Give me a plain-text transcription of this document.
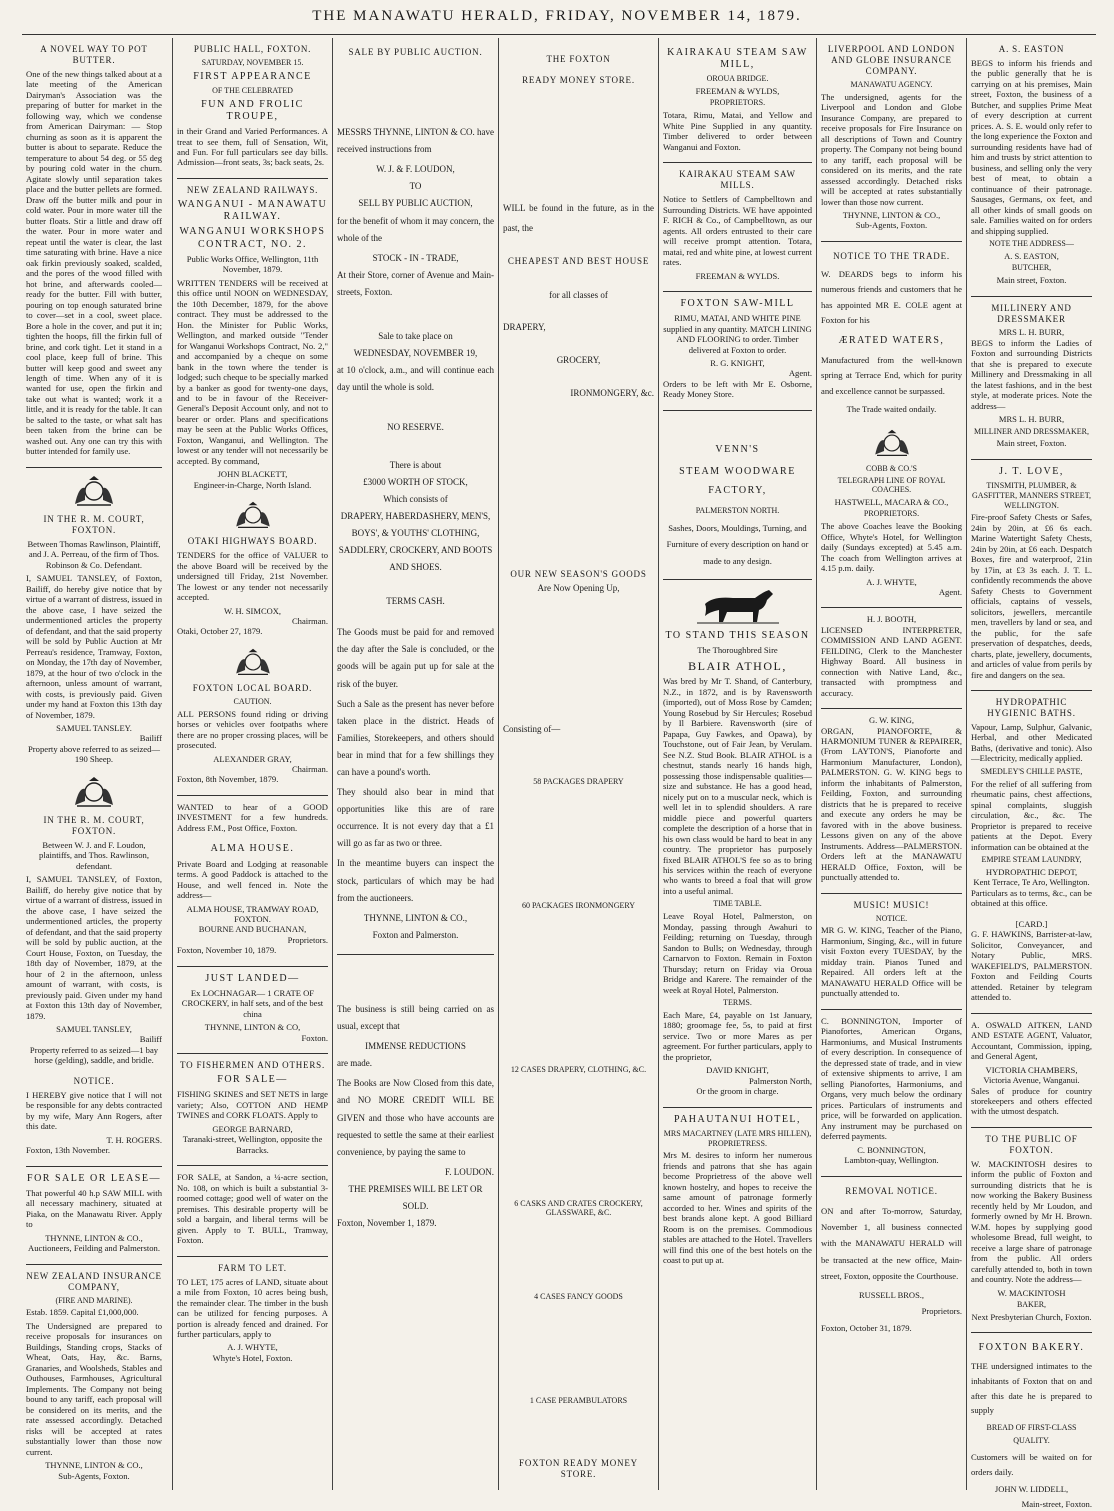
THE MANAWATU HERALD, FRIDAY, NOVEMBER 14, 1879.
A NOVEL WAY TO POT BUTTER.

One of the new things talked about at a late meeting of the American Dairyman's Association was the preparing of butter for market in the following way, which we condense from American Dairyman: — Stop churning as soon as it is apparent the butter is about to separate. Reduce the temperature to about 54 deg. or 55 deg by pouring cold water in the churn. Agitate slowly until separation takes place and the butter pellets are formed. Draw off the butter milk and pour in cold water. Pour in more water till the butter floats. Stir a little and draw off the water. Pour in more water and repeat until the water is clear, the last time saturating with brine. Have a nice oak firkin previously soaked, scalded, and the pores of the wood filled with hot brine, and afterwards cooled—ready for the butter. Fill with butter, pouring on top enough saturated brine to cover—set in a cool, sweet place. Bore a hole in the cover, and put it in; tighten the hoops, fill the firkin full of brine, and cork tight. Let it stand in a cool place, keep full of brine. This butter will keep good and sweet any length of time. When any of it is wanted for use, open the firkin and take out what is wanted; work it a little, and it is ready for the table. It can be salted to the taste, or what salt has been taken from the brine can be washed out. Any one can try this with butter intended for family use.

IN THE R. M. COURT, FOXTON.

Between Thomas Rawlinson, Plaintiff, and J. A. Perreau, of the firm of Thos. Robinson & Co. Defendant.

I, SAMUEL TANSLEY, of Foxton, Bailiff, do hereby give notice that by virtue of a warrant of distress, issued in the above case, I have seized the undermentioned articles the property of defendant, and that the said property will be sold by Public Auction at Mr Perreau's residence, Tramway, Foxton, on Monday, the 17th day of November, 1879, at the hour of two o'clock in the afternoon, unless amount of warrant, with costs, is previously paid. Given under my hand at Foxton this 13th day of November, 1879.

SAMUEL TANSLEY.
Bailiff

Property above referred to as seized—190 Sheep.

IN THE R. M. COURT, FOXTON.

Between W. J. and F. Loudon, plaintiffs, and Thos. Rawlinson, defendant.

I, SAMUEL TANSLEY, of Foxton, Bailiff, do hereby give notice that by virtue of a warrant of distress, issued in the above case, I have seized the undermentioned articles, the property of defendant, and that the said property will be sold by public auction, at the Court House, Foxton, on Tuesday, the 18th day of November, 1879, at the hour of 2 in the afternoon, unless amount of warrant, with costs, is previously paid. Given under my hand at Foxton this 13th day of November, 1879.

SAMUEL TANSLEY,
Bailiff

Property referred to as seized—1 bay horse (gelding), saddle, and bridle.

NOTICE.

I HEREBY give notice that I will not be responsible for any debts contracted by my wife, Mary Ann Rogers, after this date.

T. H. ROGERS.
Foxton, 13th November.
FOR SALE OR LEASE—

That powerful 40 h.p SAW MILL with all necessary machinery, situated at Piaka, on the Manawatu River. Apply to

THYNNE, LINTON & CO.,
Auctioneers, Feilding and Palmerston.
NEW ZEALAND INSURANCE COMPANY,
(FIRE AND MARINE).

Estab. 1859. Capital £1,000,000.

The Undersigned are prepared to receive proposals for insurances on Buildings, Standing crops, Stacks of Wheat, Oats, Hay, &c. Barns, Granaries, and Woolsheds, Stables and Outhouses, Farmhouses, Agricultural Implements. The Company not being bound to any tariff, each proposal will be considered on its merits, and the rate assessed accordingly. Detached risks will be accepted at rates substantially lower than those now current.

THYNNE, LINTON & CO.,
Sub-Agents, Foxton.
PUBLIC HALL, FOXTON.
SATURDAY, NOVEMBER 15.
FIRST APPEARANCE
OF THE CELEBRATED
FUN AND FROLIC TROUPE,

in their Grand and Varied Performances. A treat to see them, full of Sensation, Wit, and Fun. For full particulars see day bills. Admission—front seats, 3s; back seats, 2s.

NEW ZEALAND RAILWAYS.
WANGANUI - MANAWATU RAILWAY.
WANGANUI WORKSHOPS CONTRACT, NO. 2.

Public Works Office, Wellington, 11th November, 1879.

WRITTEN TENDERS will be received at this office until NOON on WEDNESDAY, the 10th December, 1879, for the above contract. They must be addressed to the Hon. the Minister for Public Works, Wellington, and marked outside "Tender for Wanganui Workshops Contract, No. 2," and accompanied by a cheque on some bank in the town where the tender is lodged; such cheque to be specially marked by a banker as good for twenty-one days, and to be in favour of the Receiver-General's Deposit Account only, and not to bearer or order. Plans and specifications may be seen at the Public Works Offices, Foxton, Wanganui, and Wellington. The lowest or any tender will not necessarily be accepted. By command,

JOHN BLACKETT,
Engineer-in-Charge, North Island.
OTAKI HIGHWAYS BOARD.

TENDERS for the office of VALUER to the above Board will be received by the undersigned till Friday, 21st November. The lowest or any tender not necessarily accepted.

W. H. SIMCOX,
Chairman.
Otaki, October 27, 1879.
FOXTON LOCAL BOARD.
CAUTION.

ALL PERSONS found riding or driving horses or vehicles over footpaths where there are no proper crossing places, will be prosecuted.

ALEXANDER GRAY,
Chairman.
Foxton, 8th November, 1879.

WANTED to hear of a GOOD INVESTMENT for a few hundreds. Address F.M., Post Office, Foxton.

ALMA HOUSE.

Private Board and Lodging at reasonable terms. A good Paddock is attached to the House, and well fenced in. Note the address—

ALMA HOUSE, TRAMWAY ROAD, FOXTON.
BOURNE AND BUCHANAN,
Proprietors.
Foxton, November 10, 1879.
JUST LANDED—

Ex LOCHNAGAR— 1 CRATE OF CROCKERY, in half sets, and of the best china

THYNNE, LINTON & CO,
Foxton.
TO FISHERMEN AND OTHERS.
FOR SALE—

FISHING SKINES and SET NETS in large variety; Also, COTTON AND HEMP TWINES and CORK FLOATS. Apply to

GEORGE BARNARD,
Taranaki-street, Wellington, opposite the Barracks.

FOR SALE, at Sandon, a ¼-acre section, No. 108, on which is built a substantial 3-roomed cottage; good well of water on the premises. This desirable property will be sold a bargain, and liberal terms will be given. Apply to T. BULL, Tramway, Foxton.

FARM TO LET.

TO LET, 175 acres of LAND, situate about a mile from Foxton, 10 acres being bush, the remainder clear. The timber in the bush can be utilized for fencing purposes. A portion is already fenced and drained. For further particulars, apply to

A. J. WHYTE,
Whyte's Hotel, Foxton.
SALE BY PUBLIC AUCTION.

MESSRS THYNNE, LINTON & CO. have received instructions from

W. J. & F. LOUDON,
TO
SELL BY PUBLIC AUCTION,

for the benefit of whom it may concern, the whole of the

STOCK - IN - TRADE,

At their Store, corner of Avenue and Main-streets, Foxton.

Sale to take place on
WEDNESDAY, NOVEMBER 19,

at 10 o'clock, a.m., and will continue each day until the whole is sold.

NO RESERVE.
There is about
£3000 WORTH OF STOCK,
Which consists of

DRAPERY, HABERDASHERY, MEN'S, BOYS', & YOUTHS' CLOTHING, SADDLERY, CROCKERY, AND BOOTS AND SHOES.

TERMS CASH.

The Goods must be paid for and removed the day after the Sale is concluded, or the goods will be again put up for sale at the risk of the buyer.

Such a Sale as the present has never before taken place in the district. Heads of Families, Storekeepers, and others should bear in mind that for a few shillings they can have a pound's worth.

They should also bear in mind that opportunities like this are of rare occurrence. It is not every day that a £1 will go as far as two or three.

In the meantime buyers can inspect the stock, particulars of which may be had from the auctioneers.

THYNNE, LINTON & CO.,
Foxton and Palmerston.

The business is still being carried on as usual, except that

IMMENSE REDUCTIONS

are made.

The Books are Now Closed from this date, and NO MORE CREDIT WILL BE GIVEN and those who have accounts are requested to settle the same at their earliest convenience, by paying the same to

F. LOUDON.
THE PREMISES WILL BE LET OR SOLD.
Foxton, November 1, 1879.
THE FOXTON
READY MONEY STORE.

WILL be found in the future, as in the past, the

CHEAPEST AND BEST HOUSE
for all classes of
DRAPERY,
GROCERY,
IRONMONGERY, &c.
OUR NEW SEASON'S GOODS
Are Now Opening Up,
Consisting of—
58 PACKAGES DRAPERY
60 PACKAGES IRONMONGERY
12 CASES DRAPERY, CLOTHING, &C.
6 CASKS AND CRATES CROCKERY, GLASSWARE, &C.
4 CASES FANCY GOODS
1 CASE PERAMBULATORS
FOXTON READY MONEY STORE.
KAIRAKAU STEAM SAW MILL,
OROUA BRIDGE.
FREEMAN & WYLDS,
PROPRIETORS.

Totara, Rimu, Matai, and Yellow and White Pine Supplied in any quantity. Timber delivered to order between Wanganui and Foxton.

KAIRAKAU STEAM SAW MILLS.

Notice to Settlers of Campbelltown and Surrounding Districts. WE have appointed F. RICH & Co., of Campbelltown, as our agents. All orders entrusted to their care will receive prompt attention. Totara, matai, red and white pine, at lowest current rates.

FREEMAN & WYLDS.
FOXTON SAW-MILL

RIMU, MATAI, AND WHITE PINE supplied in any quantity. MATCH LINING AND FLOORING to order. Timber delivered at Foxton to order.

R. G. KNIGHT,
Agent.

Orders to be left with Mr E. Osborne, Ready Money Store.

VENN'S
STEAM WOODWARE FACTORY,
PALMERSTON NORTH.

Sashes, Doors, Mouldings, Turning, and Furniture of every description on hand or made to any design.

TO STAND THIS SEASON
The Thoroughbred Sire
BLAIR ATHOL,

Was bred by Mr T. Shand, of Canterbury, N.Z., in 1872, and is by Ravensworth (imported), out of Moss Rose by Camden; Young Rosebud by Sir Hercules; Rosebud by Il Barbiere. Ravensworth (sire of Papapa, Guy Fawkes, and Opawa), by Touchstone, out of Fair Jean, by Verulam. See N.Z. Stud Book. BLAIR ATHOL is a chestnut, stands nearly 16 hands high, possessing those indispensable qualities—size and substance. He has a good head, nicely put on to a muscular neck, which is well let in to splendid shoulders. A rare middle piece and powerful quarters complete the description of a horse that in his own class would be hard to beat in any country. The proprietor has purposely fixed BLAIR ATHOL'S fee so as to bring his services within the reach of everyone who wants to breed a foal that will grow into a useful animal.

TIME TABLE.

Leave Royal Hotel, Palmerston, on Monday, passing through Awahuri to Feilding; returning on Tuesday, through Sandon to Bulls; on Wednesday, through Carnarvon to Foxton. Remain in Foxton Thursday; return on Friday via Oroua Bridge and Karere. The remainder of the week at Royal Hotel, Palmerston.

TERMS.

Each Mare, £4, payable on 1st January, 1880; groomage fee, 5s, to paid at first service. Two or more Mares as per agreement. For further particulars, apply to the proprietor,

DAVID KNIGHT,
Palmerston North,
Or the groom in charge.
PAHAUTANUI HOTEL,
MRS MACARTNEY (LATE MRS HILLEN), PROPRIETRESS.

Mrs M. desires to inform her numerous friends and patrons that she has again become Proprietress of the above well known hostelry, and hopes to receive the same amount of patronage formerly accorded to her. Wines and spirits of the best brands alone kept. A good Billiard Room is on the premises. Commodious stables are attached to the Hotel. Travellers will find this one of the best hotels on the coast to put up at.

LIVERPOOL AND LONDON AND GLOBE INSURANCE COMPANY.
MANAWATU AGENCY.

The undersigned, agents for the Liverpool and London and Globe Insurance Company, are prepared to receive proposals for Fire Insurance on all descriptions of Town and Country property. The Company not being bound to any tariff, each proposal will be considered on its merits, and the rate assessed accordingly. Detached risks will be accepted at rates substantially lower than those now current.

THYNNE, LINTON & CO.,
Sub-Agents, Foxton.
NOTICE TO THE TRADE.

W. DEARDS begs to inform his numerous friends and customers that he has appointed MR E. COLE agent at Foxton for his

ÆRATED WATERS,

Manufactured from the well-known spring at Terrace End, which for purity and excellence cannot be surpassed.

The Trade waited ondaily.
COBB & CO.'S
TELEGRAPH LINE OF ROYAL COACHES.
HASTWELL, MACARA & CO.,
PROPRIETORS.

The above Coaches leave the Booking Office, Whyte's Hotel, for Wellington daily (Sundays excepted) at 5.45 a.m. The coach from Wellington arrives at 4.15 p.m. daily.

A. J. WHYTE,
Agent.
H. J. BOOTH,

LICENSED INTERPRETER, COMMISSION AND LAND AGENT. FEILDING, Clerk to the Manchester Highway Board. All business in connection with Native Land, &c., transacted with promptness and accuracy.

G. W. KING,

ORGAN, PIANOFORTE, & HARMONIUM TUNER & REPAIRER, (From LAYTON'S, Pianoforte and Harmonium Manufacturer, London), PALMERSTON. G. W. KING begs to inform the inhabitants of Palmerston, Feilding, Foxton, and surrounding districts that he is prepared to receive and execute any orders he may be favored with in the above business. Lessons given on any of the above Instruments. Address—PALMERSTON. Orders left at the MANAWATU HERALD Office, Foxton, will be punctually attended to.

MUSIC! MUSIC!
NOTICE.

MR G. W. KING, Teacher of the Piano, Harmonium, Singing, &c., will in future visit Foxton every TUESDAY, by the midday train. Pianos Tuned and Repaired. All orders left at the MANAWATU HERALD Office will be punctually attended to.

C. BONNINGTON, Importer of Pianofortes, American Organs, Harmoniums, and Musical Instruments of every description. In consequence of the depressed state of trade, and in view of extensive shipments to arrive, I am selling Pianofortes, Harmoniums, and Organs, very much below the ordinary prices. Particulars of instruments and price, will be forwarded on application. Any instrument may be purchased on deferred payments.

C. BONNINGTON,
Lambton-quay, Wellington.
REMOVAL NOTICE.

ON and after To-morrow, Saturday, November 1, all business connected with the MANAWATU HERALD will be transacted at the new office, Main-street, Foxton, opposite the Courthouse.

RUSSELL BROS.,
Proprietors.
Foxton, October 31, 1879.
A. S. EASTON

BEGS to inform his friends and the public generally that he is carrying on at his premises, Main street, Foxton, the business of a Butcher, and supplies Prime Meat of every description at current prices. A. S. E. would only refer to the long experience the Foxton and surrounding residents have had of him and trusts by strict attention to business, and selling only the very best of meat, to obtain a continuance of their patronage. Sausages, Germans, ox feet, and all other kinds of small goods on sale. Families waited on for orders and shipping supplied.

NOTE THE ADDRESS—
A. S. EASTON,
BUTCHER,
Main street, Foxton.
MILLINERY AND DRESSMAKER
MRS L. H. BURR,

BEGS to inform the Ladies of Foxton and surrounding Districts that she is prepared to execute Millinery and Dressmaking in all the latest fashions, and in the best style, at moderate prices. Note the address—

MRS L. H. BURR,
MILLINER AND DRESSMAKER,
Main street, Foxton.
J. T. LOVE,
TINSMITH, PLUMBER, & GASFITTER, MANNERS STREET, WELLINGTON.

Fire-proof Safety Chests or Safes, 24in by 20in, at £6 6s each. Marine Watertight Safety Chests, 24in by 20in, at £6 each. Despatch Boxes, fire and waterproof, 21in by 17in, at £3 3s each. J. T. L. confidently recommends the above Safety Chests to Government officials, captains of vessels, solicitors, jewellers, mercantile men, travellers by land or sea, and the public, for the safe preservation of despatches, deeds, charts, plate, jewellery, documents, and articles of value from perils by fire and dangers on the sea.

HYDROPATHIC HYGIENIC BATHS.

Vapour, Lamp, Sulphur, Galvanic, Herbal, and other Medicated Baths, (derivative and tonic). Also—Electricity, medically applied.

SMEDLEY'S CHILLE PASTE,

For the relief of all suffering from rheumatic pains, chest affections, spinal complaints, sluggish circulation, &c., &c. The Proprietor is prepared to receive patients at the Depot. Every information can be obtained at the

EMPIRE STEAM LAUNDRY,
HYDROPATHIC DEPOT,
Kent Terrace, Te Aro, Wellington.

Particulars as to terms, &c., can be obtained at this office.

[CARD.]

G. F. HAWKINS, Barrister-at-law, Solicitor, Conveyancer, and Notary Public, MRS. WAKEFIELD'S, PALMERSTON. Foxton and Feilding Courts attended. Retainer by telegram attended to.

A. OSWALD AITKEN, LAND AND ESTATE AGENT, Valuator, Accountant, Commission, ipping, and General Agent,

VICTORIA CHAMBERS, Victoria Avenue, Wanganui.

Sales of produce for country storekeepers and others effected with the utmost despatch.

TO THE PUBLIC OF FOXTON.

W. MACKINTOSH desires to inform the public of Foxton and surrounding districts that he is now working the Bakery Business recently held by Mr Loudon, and formerly owned by Mr H. Brown. W.M. hopes by supplying good wholesome Bread, full weight, to receive a large share of patronage from the public. All orders carefully attended to, both in town and country. Note the address—

W. MACKINTOSH
BAKER,
Next Presbyterian Church, Foxton.
FOXTON BAKERY.

THE undersigned intimates to the inhabitants of Foxton that on and after this date he is prepared to supply

BREAD OF FIRST-CLASS QUALITY.

Customers will be waited on for orders daily.

JOHN W. LIDDELL,
Main-street, Foxton.
